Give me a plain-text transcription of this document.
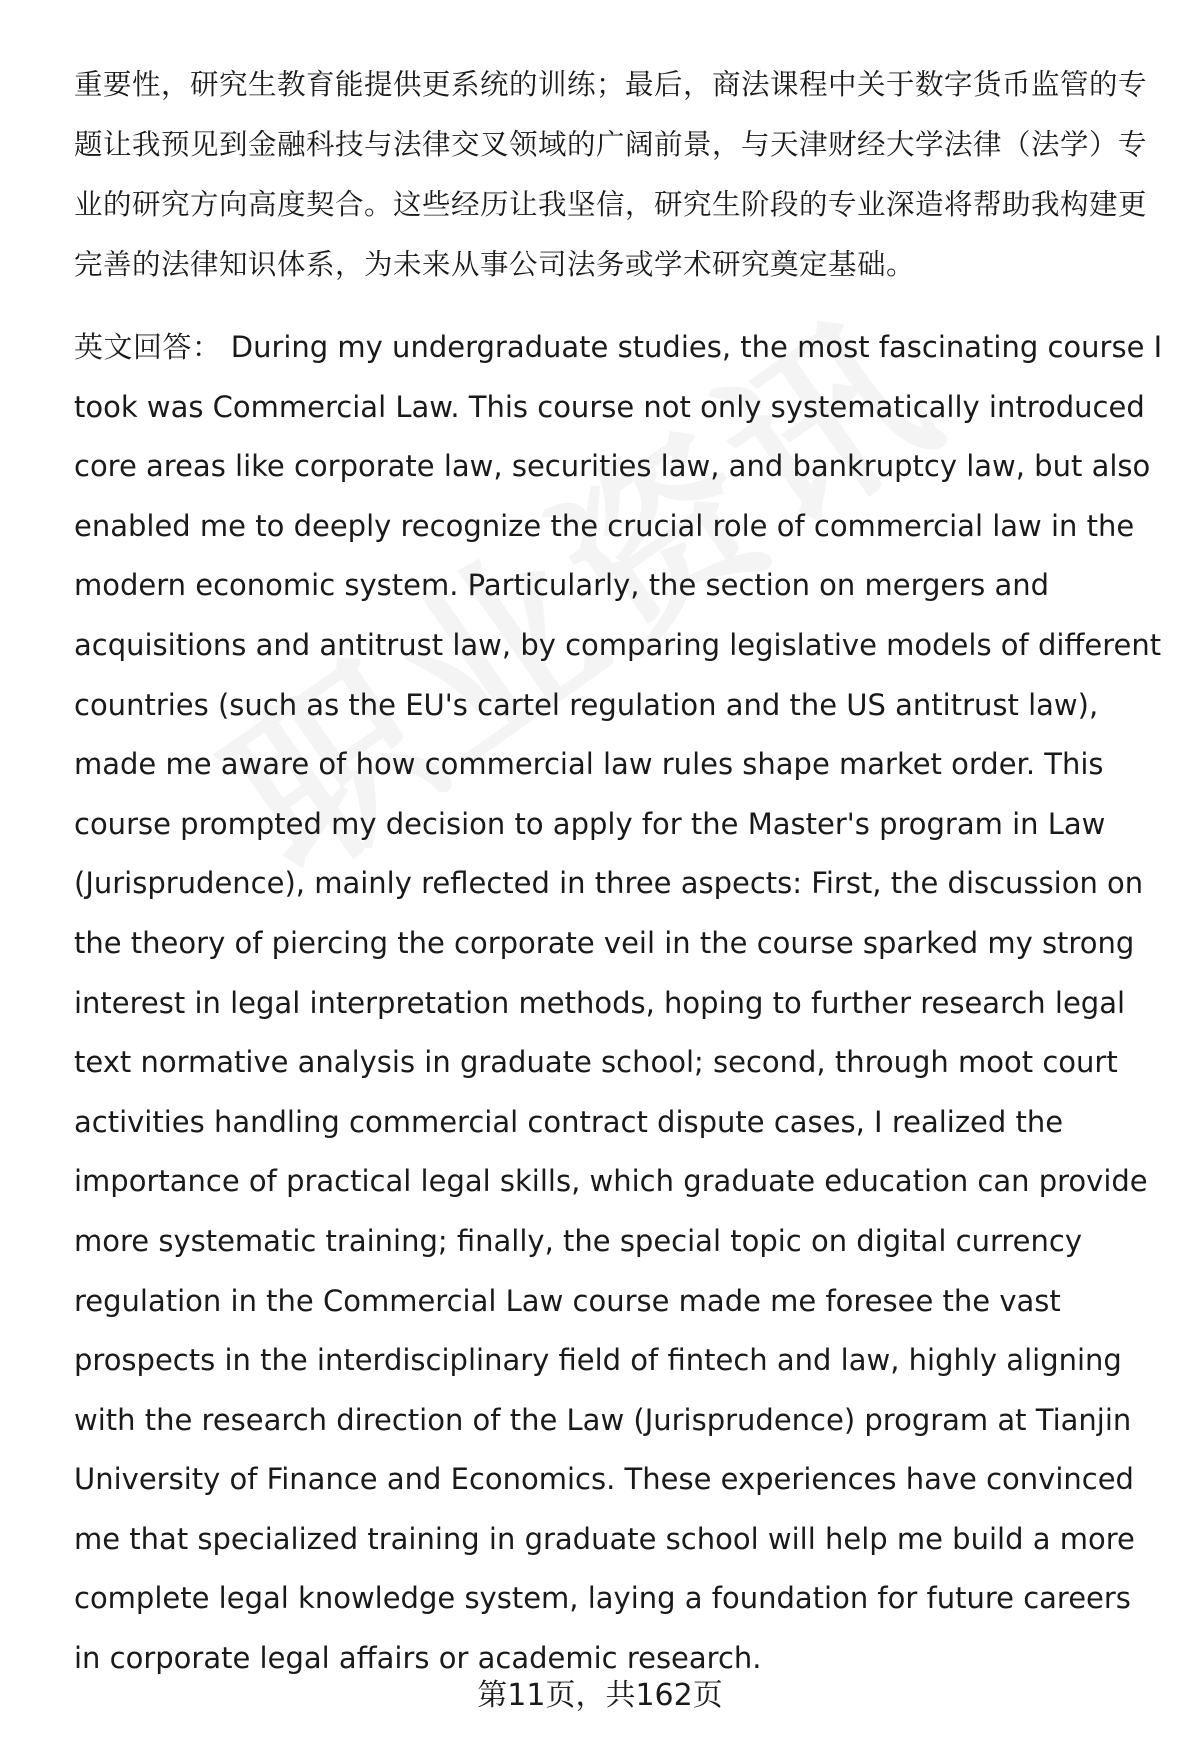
重要性，研究生教育能提供更系统的训练；最后，商法课程中关于数字货币监管的专题让我预见到金融科技与法律交叉领域的广阔前景，与天津财经大学法律（法学）专业的研究方向高度契合。这些经历让我坚信，研究生阶段的专业深造将帮助我构建更完善的法律知识体系，为未来从事公司法务或学术研究奠定基础。

英文回答： During my undergraduate studies, the most fascinating course I took was Commercial Law. This course not only systematically introduced core areas like corporate law, securities law, and bankruptcy law, but also enabled me to deeply recognize the crucial role of commercial law in the modern economic system. Particularly, the section on mergers and acquisitions and antitrust law, by comparing legislative models of different countries (such as the EU's cartel regulation and the US antitrust law), made me aware of how commercial law rules shape market order. This course prompted my decision to apply for the Master's program in Law (Jurisprudence), mainly reflected in three aspects: First, the discussion on the theory of piercing the corporate veil in the course sparked my strong interest in legal interpretation methods, hoping to further research legal text normative analysis in graduate school; second, through moot court activities handling commercial contract dispute cases, I realized the importance of practical legal skills, which graduate education can provide more systematic training; finally, the special topic on digital currency regulation in the Commercial Law course made me foresee the vast prospects in the interdisciplinary field of fintech and law, highly aligning with the research direction of the Law (Jurisprudence) program at Tianjin University of Finance and Economics. These experiences have convinced me that specialized training in graduate school will help me build a more complete legal knowledge system, laying a foundation for future careers in corporate legal affairs or academic research.

第11页，共162页
